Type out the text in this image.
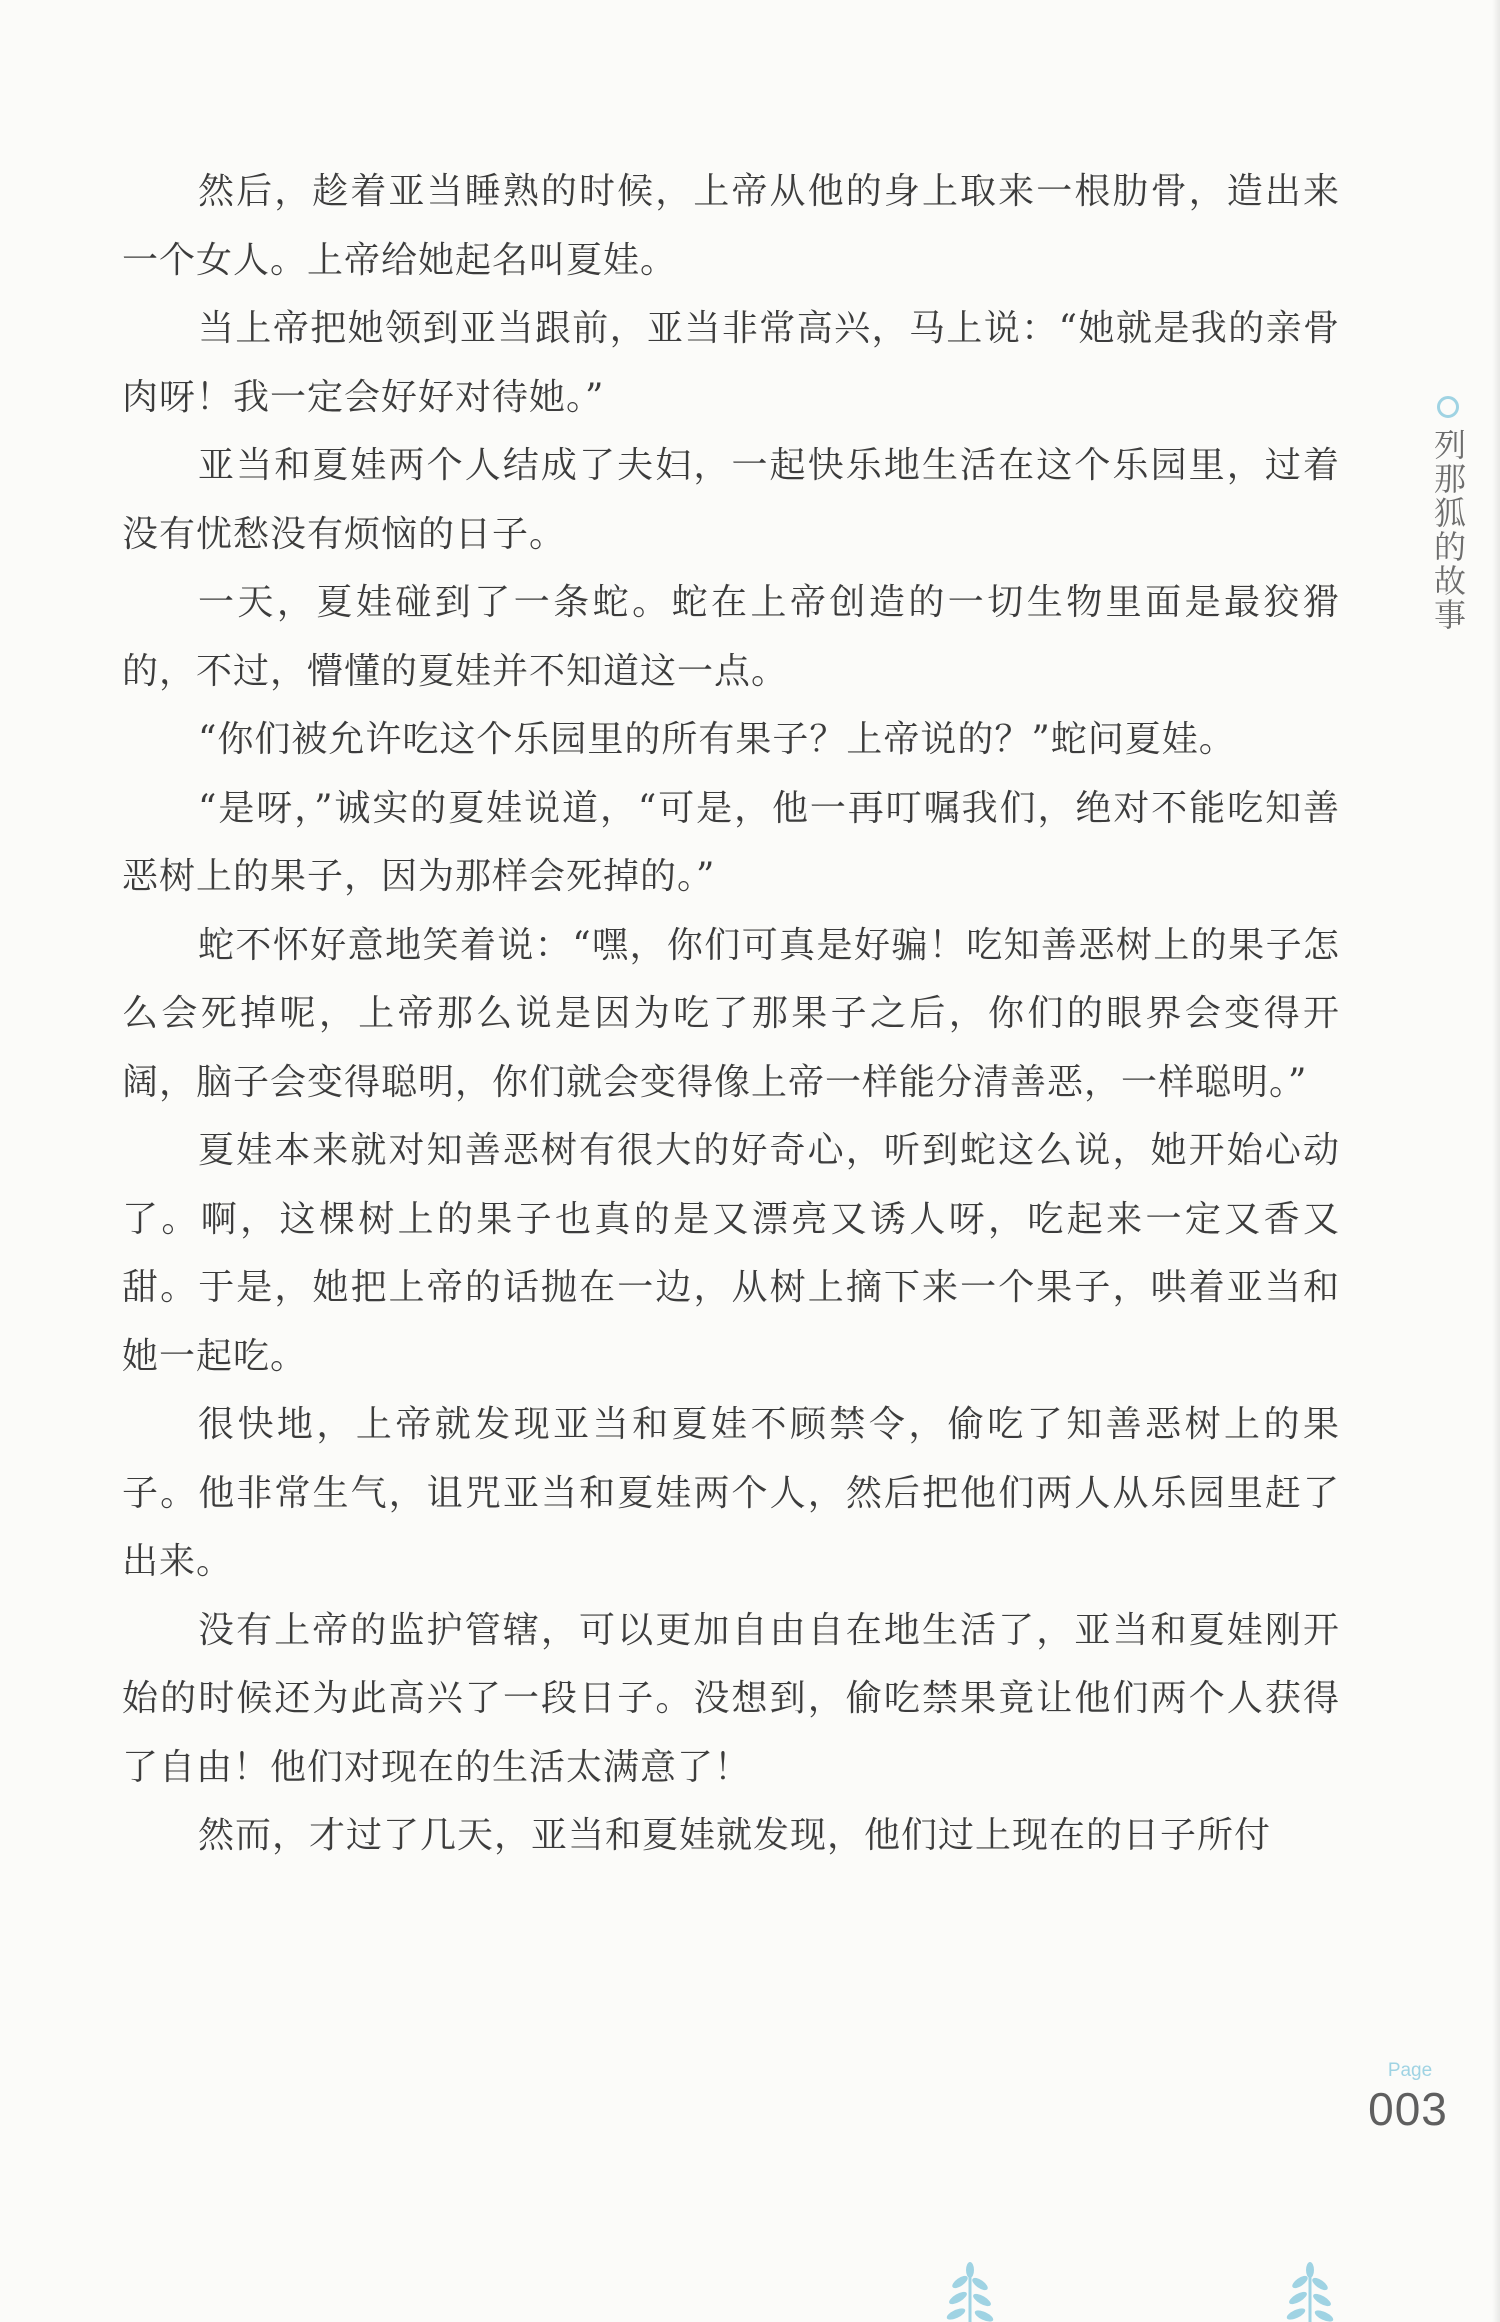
然后，趁着亚当睡熟的时候，上帝从他的身上取来一根肋骨，造出来一个女人。上帝给她起名叫夏娃。

当上帝把她领到亚当跟前，亚当非常高兴，马上说：“她就是我的亲骨肉呀！我一定会好好对待她。”

亚当和夏娃两个人结成了夫妇，一起快乐地生活在这个乐园里，过着没有忧愁没有烦恼的日子。

一天，夏娃碰到了一条蛇。蛇在上帝创造的一切生物里面是最狡猾的，不过，懵懂的夏娃并不知道这一点。

“你们被允许吃这个乐园里的所有果子？上帝说的？”蛇问夏娃。

“是呀，”诚实的夏娃说道，“可是，他一再叮嘱我们，绝对不能吃知善恶树上的果子，因为那样会死掉的。”

蛇不怀好意地笑着说：“嘿，你们可真是好骗！吃知善恶树上的果子怎么会死掉呢，上帝那么说是因为吃了那果子之后，你们的眼界会变得开阔，脑子会变得聪明，你们就会变得像上帝一样能分清善恶，一样聪明。”

夏娃本来就对知善恶树有很大的好奇心，听到蛇这么说，她开始心动了。啊，这棵树上的果子也真的是又漂亮又诱人呀，吃起来一定又香又甜。于是，她把上帝的话抛在一边，从树上摘下来一个果子，哄着亚当和她一起吃。

很快地，上帝就发现亚当和夏娃不顾禁令，偷吃了知善恶树上的果子。他非常生气，诅咒亚当和夏娃两个人，然后把他们两人从乐园里赶了出来。

没有上帝的监护管辖，可以更加自由自在地生活了，亚当和夏娃刚开始的时候还为此高兴了一段日子。没想到，偷吃禁果竟让他们两个人获得了自由！他们对现在的生活太满意了！

然而，才过了几天，亚当和夏娃就发现，他们过上现在的日子所付

列那狐的故事
Page
003
